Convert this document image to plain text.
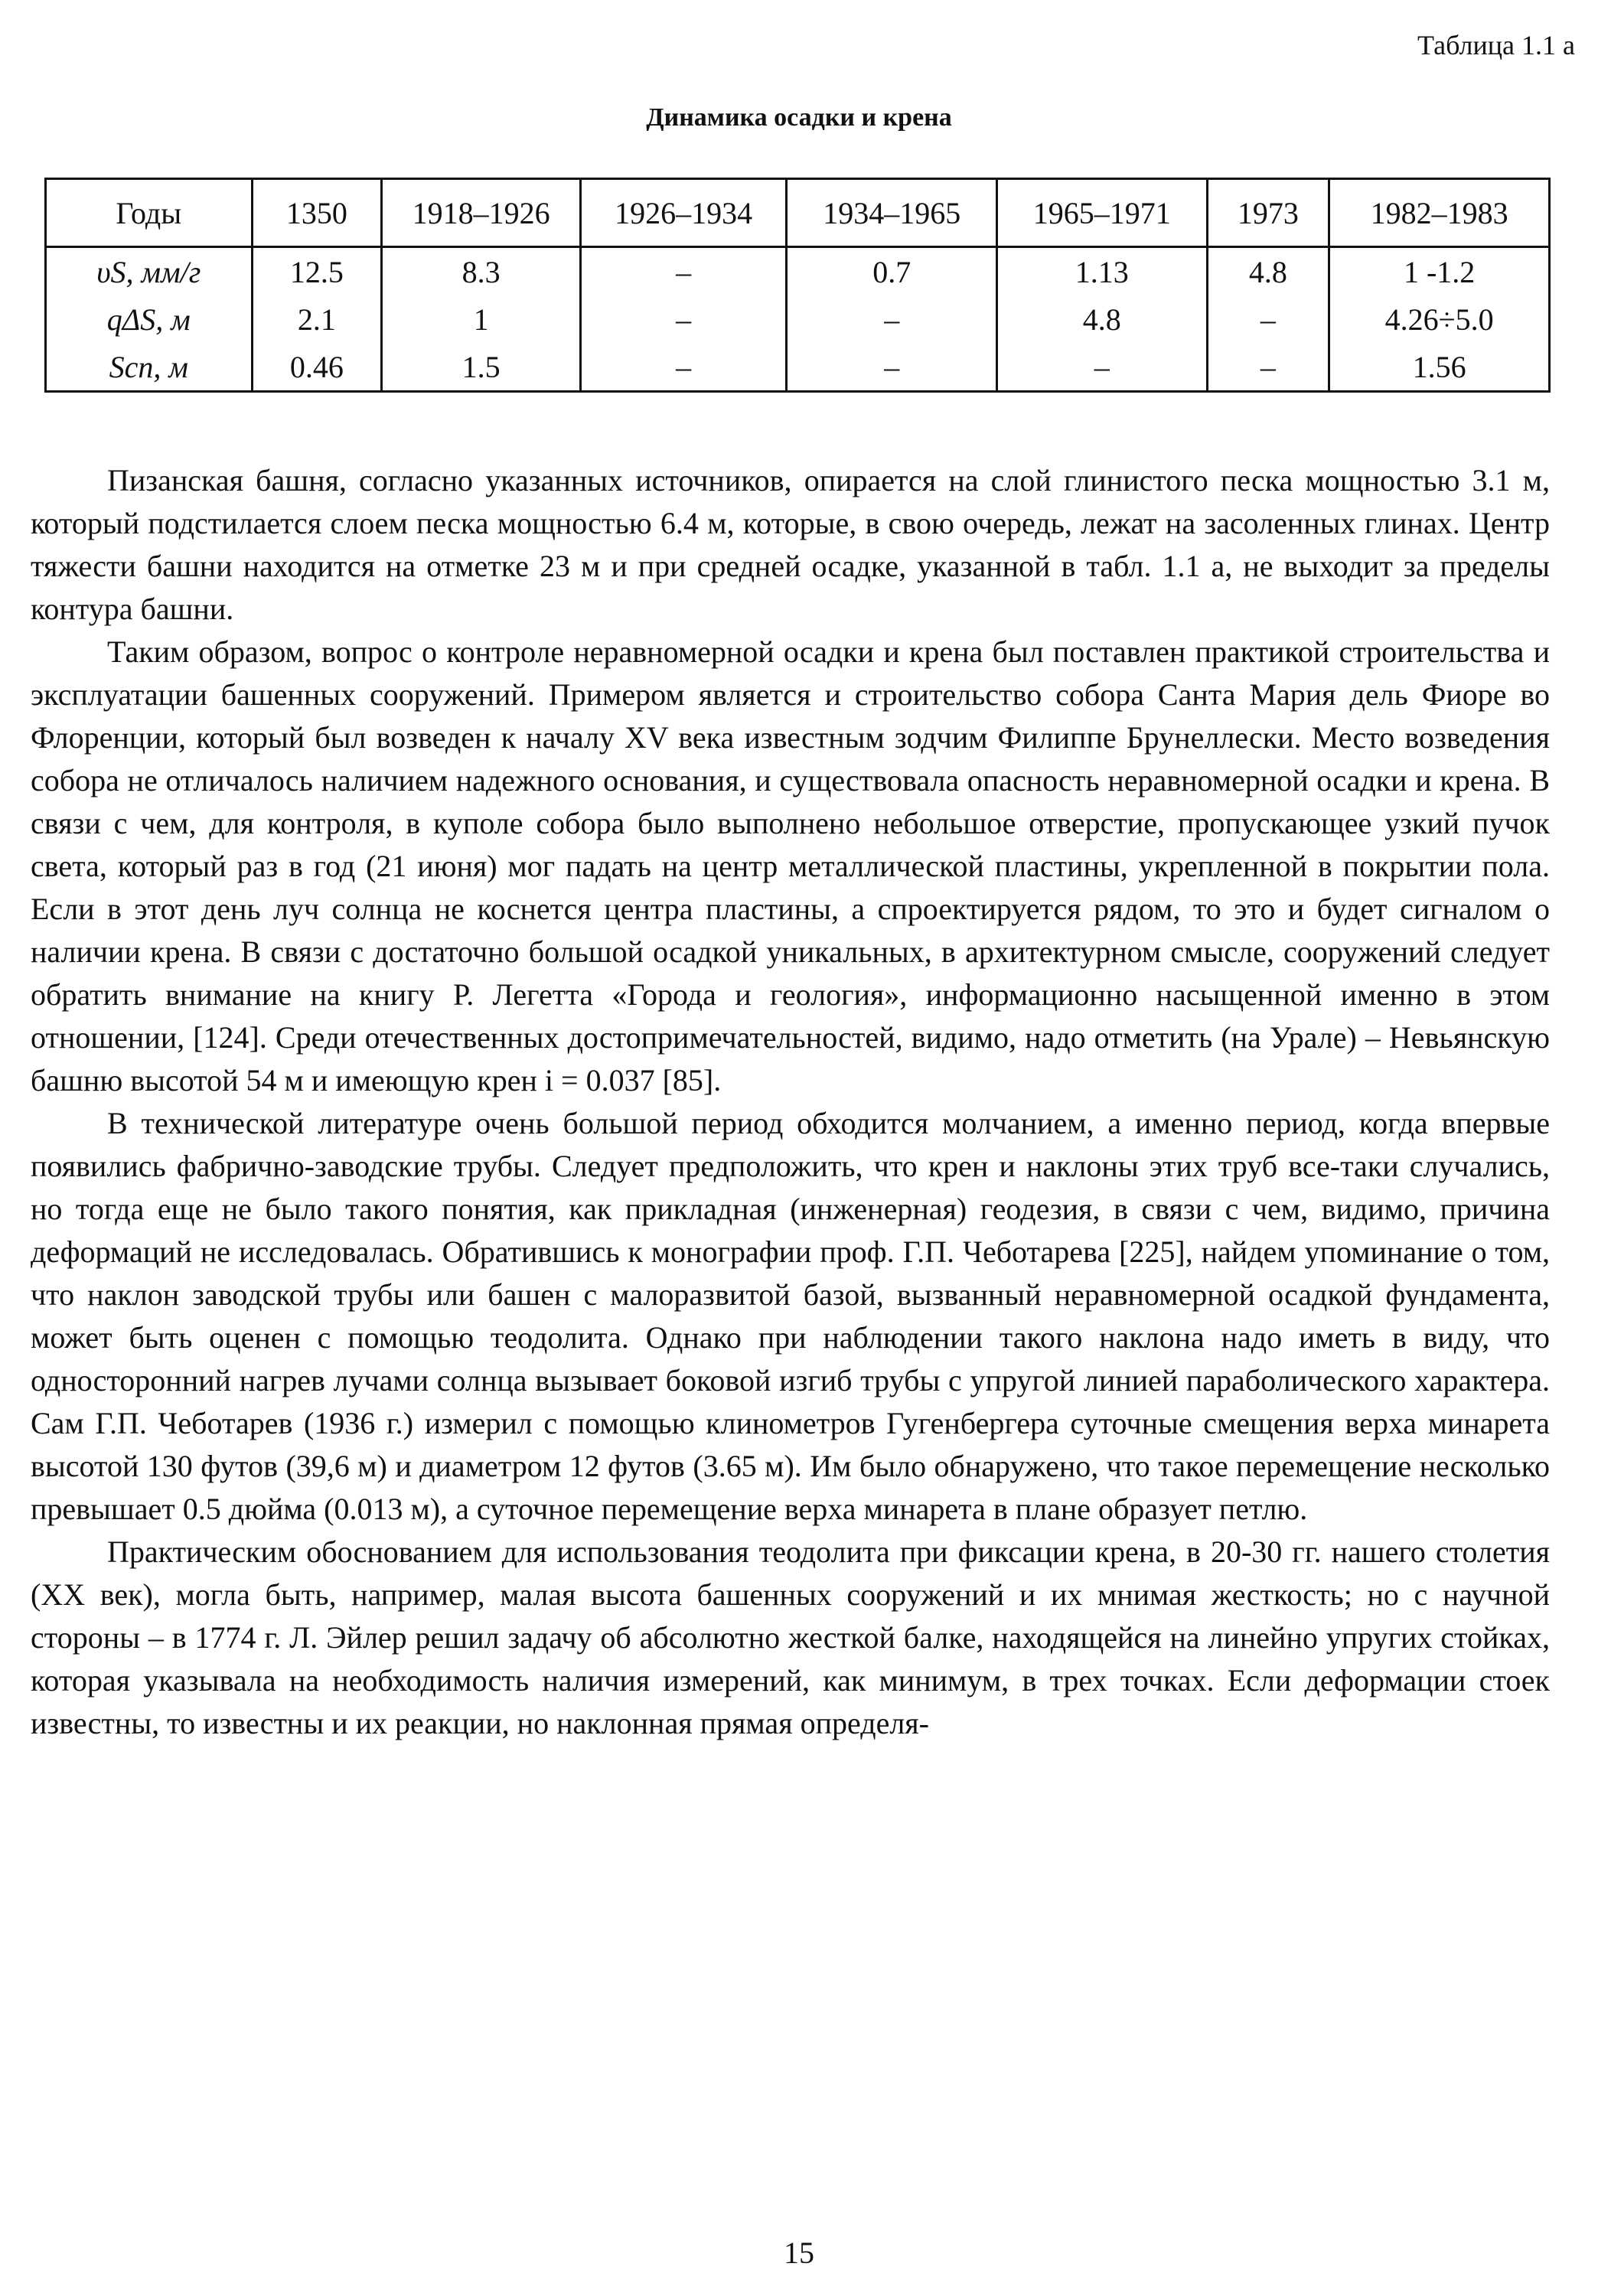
Таблица 1.1 а
Динамика осадки и крена
Годы	1350	1918–1926	1926–1934	1934–1965	1965–1971	1973	1982–1983
υS, мм/г	12.5	8.3	–	0.7	1.13	4.8	1 -1.2
qΔS, м	2.1	1	–	–	4.8	–	4.26÷5.0
Sсп, м	0.46	1.5	–	–	–	–	1.56

Пизанская башня, согласно указанных источников, опирается на слой глинистого песка мощностью 3.1 м, который подстилается слоем песка мощностью 6.4 м, которые, в свою очередь, лежат на засоленных глинах. Центр тяжести башни находится на отметке 23 м и при средней осадке, указанной в табл. 1.1 а, не выходит за пределы контура башни.

Таким образом, вопрос о контроле неравномерной осадки и крена был поставлен практикой строительства и эксплуатации башенных сооружений. Примером является и строительство собора Санта Мария дель Фиоре во Флоренции, который был возведен к началу XV века известным зодчим Филиппе Брунеллески. Место возведения собора не отличалось наличием надежного основания, и существовала опасность неравномерной осадки и крена. В связи с чем, для контроля, в куполе собора было выполнено небольшое отверстие, пропускающее узкий пучок света, который раз в год (21 июня) мог падать на центр металлической пластины, укрепленной в покрытии пола. Если в этот день луч солнца не коснется центра пластины, а спроектируется рядом, то это и будет сигналом о наличии крена. В связи с достаточно большой осадкой уникальных, в архитектурном смысле, сооружений следует обратить внимание на книгу Р. Легетта «Города и геология», информационно насыщенной именно в этом отношении, [124]. Среди отечественных достопримечательностей, видимо, надо отметить (на Урале) – Невьянскую башню высотой 54 м и имеющую крен i = 0.037 [85].

В технической литературе очень большой период обходится молчанием, а именно период, когда впервые появились фабрично-заводские трубы. Следует предположить, что крен и наклоны этих труб все-таки случались, но тогда еще не было такого понятия, как прикладная (инженерная) геодезия, в связи с чем, видимо, причина деформаций не исследовалась. Обратившись к монографии проф. Г.П. Чеботарева [225], найдем упоминание о том, что наклон заводской трубы или башен с малоразвитой базой, вызванный неравномерной осадкой фундамента, может быть оценен с помощью теодолита. Однако при наблюдении такого наклона надо иметь в виду, что односторонний нагрев лучами солнца вызывает боковой изгиб трубы с упругой линией параболического характера. Сам Г.П. Чеботарев (1936 г.) измерил с помощью клинометров Гугенбергера суточные смещения верха минарета высотой 130 футов (39,6 м) и диаметром 12 футов (3.65 м). Им было обнаружено, что такое перемещение несколько превышает 0.5 дюйма (0.013 м), а суточное перемещение верха минарета в плане образует петлю.

Практическим обоснованием для использования теодолита при фиксации крена, в 20-30 гг. нашего столетия (XX век), могла быть, например, малая высота башенных сооружений и их мнимая жесткость; но с научной стороны – в 1774 г. Л. Эйлер решил задачу об абсолютно жесткой балке, находящейся на линейно упругих стойках, которая указывала на необходимость наличия измерений, как минимум, в трех точках. Если деформации стоек известны, то известны и их реакции, но наклонная прямая определя-

15
